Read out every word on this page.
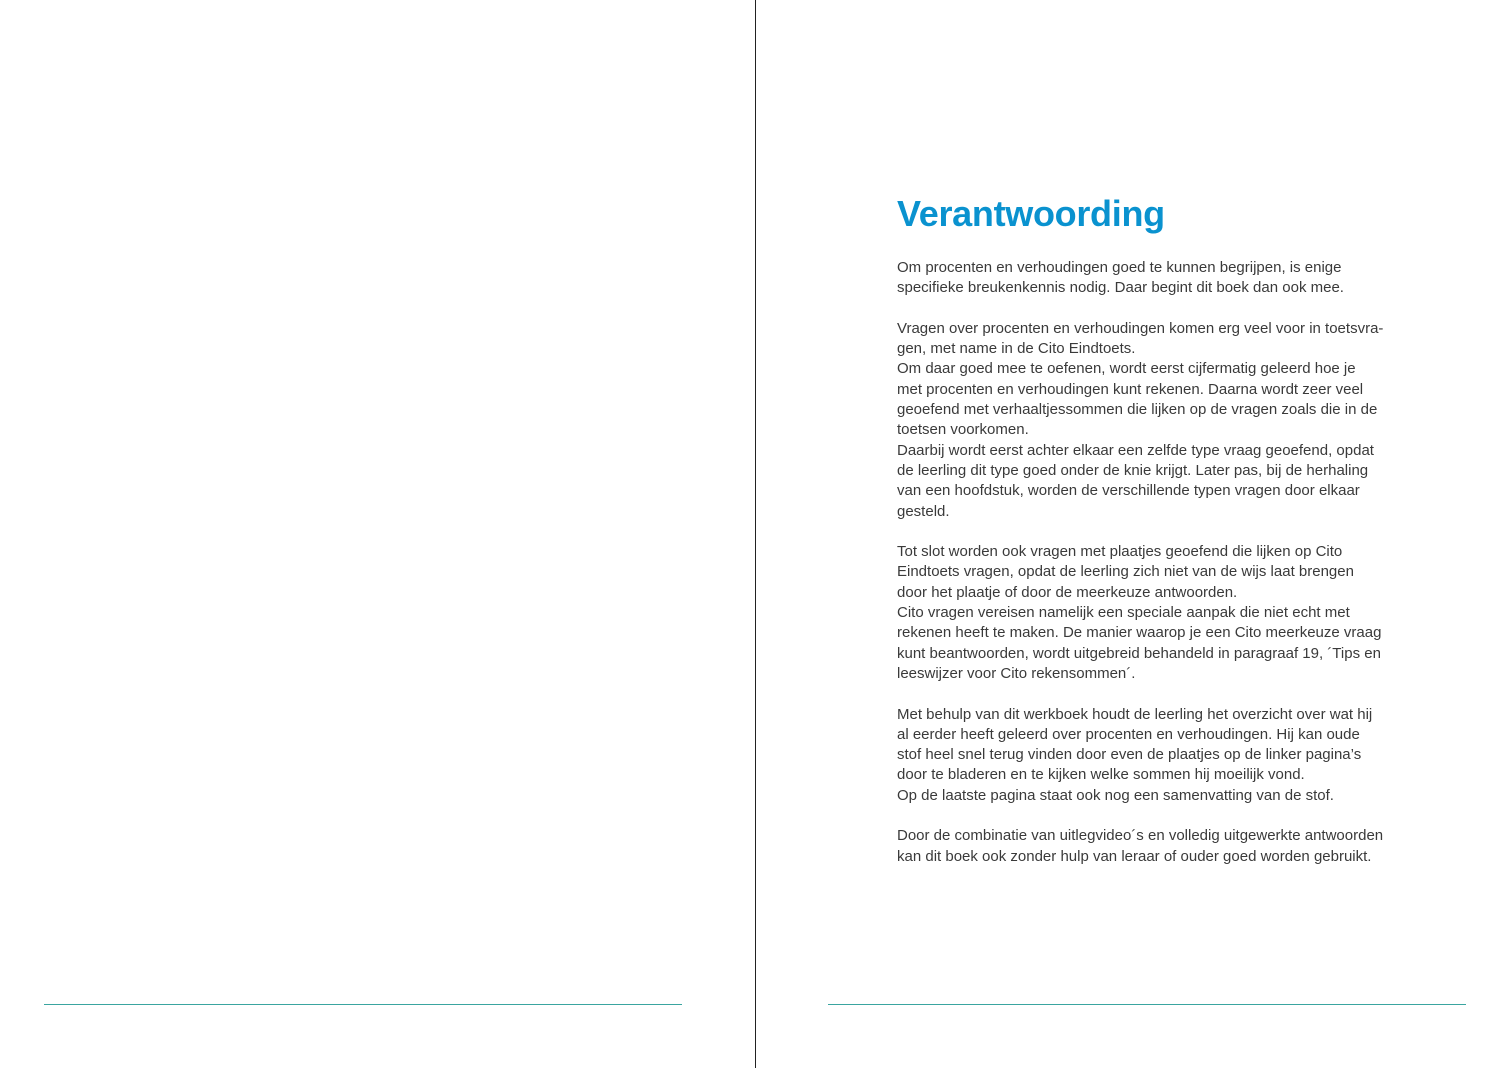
Verantwoording

Om procenten en verhoudingen goed te kunnen begrijpen, is enige
specifieke breukenkennis nodig. Daar begint dit boek dan ook mee.

Vragen over procenten en verhoudingen komen erg veel voor in toetsvra-
gen, met name in de Cito Eindtoets.
Om daar goed mee te oefenen, wordt eerst cijfermatig geleerd hoe je
met procenten en verhoudingen kunt rekenen. Daarna wordt zeer veel
geoefend met verhaaltjessommen die lijken op de vragen zoals die in de
toetsen voorkomen.
Daarbij wordt eerst achter elkaar een zelfde type vraag geoefend, opdat
de leerling dit type goed onder de knie krijgt. Later pas, bij de herhaling
van een hoofdstuk, worden de verschillende typen vragen door elkaar
gesteld.

Tot slot worden ook vragen met plaatjes geoefend die lijken op Cito
Eindtoets vragen, opdat de leerling zich niet van de wijs laat brengen
door het plaatje of door de meerkeuze antwoorden.
Cito vragen vereisen namelijk een speciale aanpak die niet echt met
rekenen heeft te maken. De manier waarop je een Cito meerkeuze vraag
kunt beantwoorden, wordt uitgebreid behandeld in paragraaf 19, ´Tips en
leeswijzer voor Cito rekensommen´.

Met behulp van dit werkboek houdt de leerling het overzicht over wat hij
al eerder heeft geleerd over procenten en verhoudingen. Hij kan oude
stof heel snel terug vinden door even de plaatjes op de linker pagina’s
door te bladeren en te kijken welke sommen hij moeilijk vond.
Op de laatste pagina staat ook nog een samenvatting van de stof.

Door de combinatie van uitlegvideo´s en volledig uitgewerkte antwoorden
kan dit boek ook zonder hulp van leraar of ouder goed worden gebruikt.
